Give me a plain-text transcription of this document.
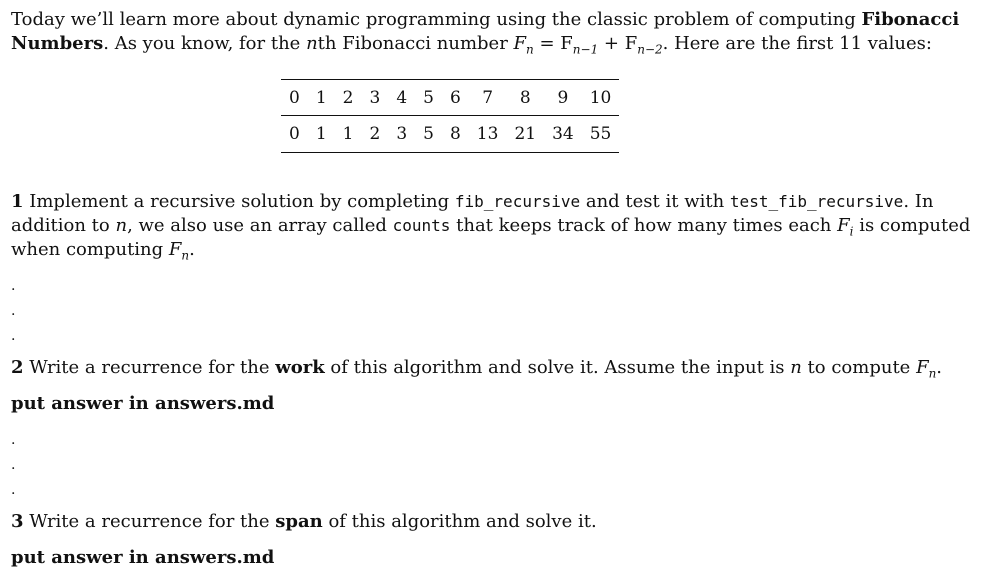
Today we’ll learn more about dynamic programming using the classic problem of computing Fibonacci Numbers. As you know, for the nth Fibonacci number $F_n = F_{n-1} + F_{n-2}$. Here are the first 11 values:

0	1	2	3	4	5	6	7	8	9	10
0	1	1	2	3	5	8	13	21	34	55

1 Implement a recursive solution by completing fib_recursive and test it with test_fib_recursive. In addition to n, we also use an array called counts that keeps track of how many times each $F_i$ is computed when computing $F_n$.

.
.
.

2 Write a recurrence for the work of this algorithm and solve it. Assume the input is n to compute $F_n$.

put answer in answers.md

.
.
.

3 Write a recurrence for the span of this algorithm and solve it.

put answer in answers.md
